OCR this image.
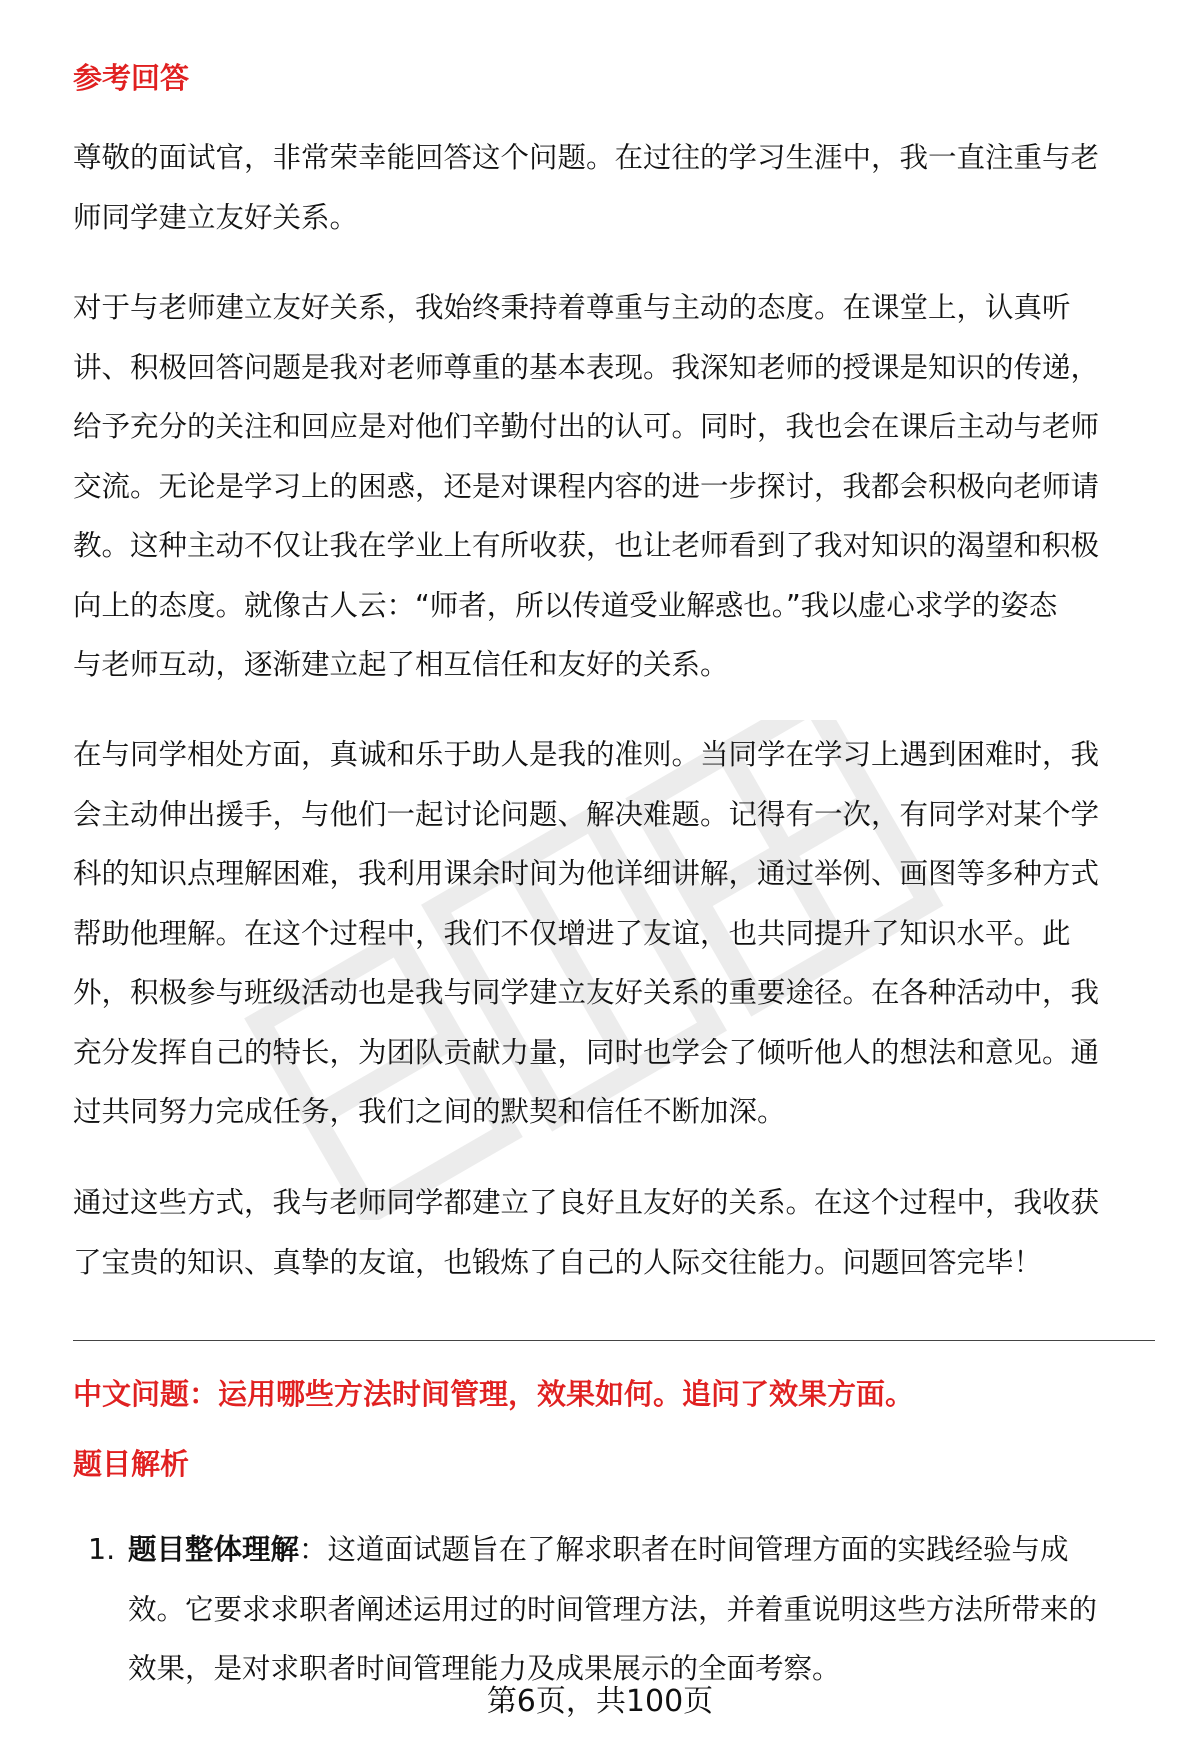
参考回答

尊敬的面试官，非常荣幸能回答这个问题。在过往的学习生涯中，我一直注重与老
师同学建立友好关系。

对于与老师建立友好关系，我始终秉持着尊重与主动的态度。在课堂上，认真听
讲、积极回答问题是我对老师尊重的基本表现。我深知老师的授课是知识的传递，
给予充分的关注和回应是对他们辛勤付出的认可。同时，我也会在课后主动与老师
交流。无论是学习上的困惑，还是对课程内容的进一步探讨，我都会积极向老师请
教。这种主动不仅让我在学业上有所收获，也让老师看到了我对知识的渴望和积极
向上的态度。就像古人云：“师者，所以传道受业解惑也。”我以虚心求学的姿态
与老师互动，逐渐建立起了相互信任和友好的关系。

在与同学相处方面，真诚和乐于助人是我的准则。当同学在学习上遇到困难时，我
会主动伸出援手，与他们一起讨论问题、解决难题。记得有一次，有同学对某个学
科的知识点理解困难，我利用课余时间为他详细讲解，通过举例、画图等多种方式
帮助他理解。在这个过程中，我们不仅增进了友谊，也共同提升了知识水平。此
外，积极参与班级活动也是我与同学建立友好关系的重要途径。在各种活动中，我
充分发挥自己的特长，为团队贡献力量，同时也学会了倾听他人的想法和意见。通
过共同努力完成任务，我们之间的默契和信任不断加深。

通过这些方式，我与老师同学都建立了良好且友好的关系。在这个过程中，我收获
了宝贵的知识、真挚的友谊，也锻炼了自己的人际交往能力。问题回答完毕！

中文问题：运用哪些方法时间管理，效果如何。追问了效果方面。
题目解析
1. 题目整体理解：这道面试题旨在了解求职者在时间管理方面的实践经验与成
效。它要求求职者阐述运用过的时间管理方法，并着重说明这些方法所带来的
效果，是对求职者时间管理能力及成果展示的全面考察。
第6页，共100页
